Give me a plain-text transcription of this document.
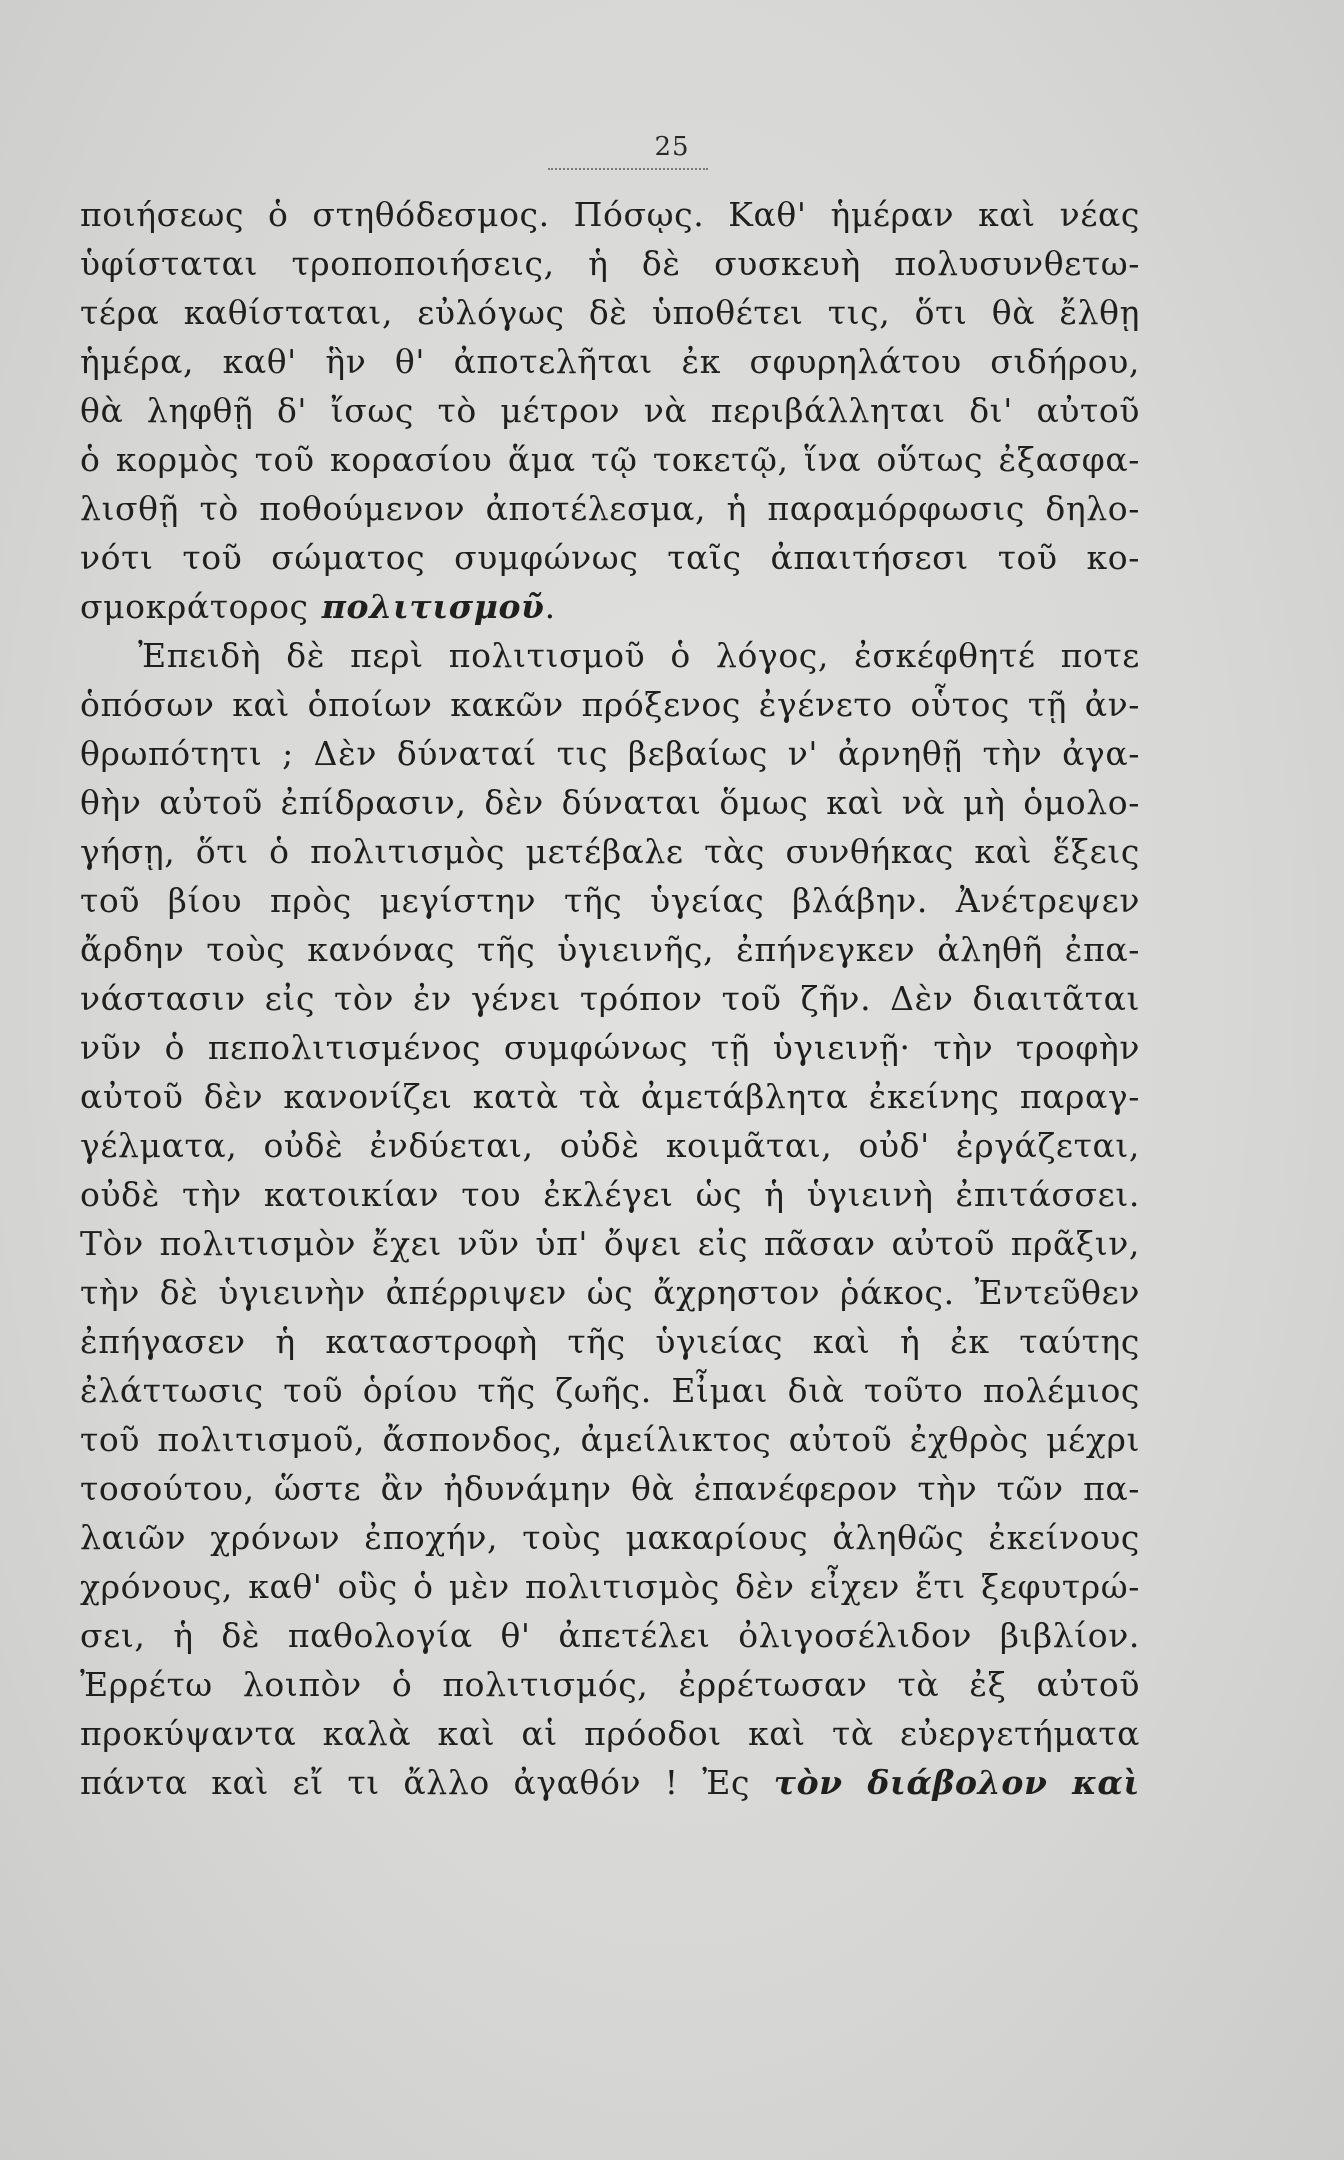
25
ποιήσεως ὁ στηθόδεσμος. Πόσῳς. Καθ' ἡμέραν καὶ νέας
ὑφίσταται τροποποιήσεις, ἡ δὲ συσκευὴ πολυσυνθετω-
τέρα καθίσταται, εὐλόγως δὲ ὑποθέτει τις, ὅτι θὰ ἔλθῃ
ἡμέρα, καθ' ἣν θ' ἀποτελῆται ἐκ σφυρηλάτου σιδήρου,
θὰ ληφθῇ δ' ἴσως τὸ μέτρον νὰ περιβάλληται δι' αὐτοῦ
ὁ κορμὸς τοῦ κορασίου ἅμα τῷ τοκετῷ, ἵνα οὕτως ἐξασφα-
λισθῇ τὸ ποθούμενον ἀποτέλεσμα, ἡ παραμόρφωσις δηλο-
νότι τοῦ σώματος συμφώνως ταῖς ἀπαιτήσεσι τοῦ κο-
σμοκράτορος πολιτισμοῦ.
Ἐπειδὴ δὲ περὶ πολιτισμοῦ ὁ λόγος, ἐσκέφθητέ ποτε
ὁπόσων καὶ ὁποίων κακῶν πρόξενος ἐγένετο οὗτος τῇ ἀν-
θρωπότητι ; Δὲν δύναταί τις βεβαίως ν' ἀρνηθῇ τὴν ἀγα-
θὴν αὐτοῦ ἐπίδρασιν, δὲν δύναται ὅμως καὶ νὰ μὴ ὁμολο-
γήσῃ, ὅτι ὁ πολιτισμὸς μετέβαλε τὰς συνθήκας καὶ ἕξεις
τοῦ βίου πρὸς μεγίστην τῆς ὑγείας βλάβην. Ἀνέτρεψεν
ἄρδην τοὺς κανόνας τῆς ὑγιεινῆς, ἐπήνεγκεν ἀληθῆ ἐπα-
νάστασιν εἰς τὸν ἐν γένει τρόπον τοῦ ζῆν. Δὲν διαιτᾶται
νῦν ὁ πεπολιτισμένος συμφώνως τῇ ὑγιεινῇ· τὴν τροφὴν
αὐτοῦ δὲν κανονίζει κατὰ τὰ ἀμετάβλητα ἐκείνης παραγ-
γέλματα, οὐδὲ ἐνδύεται, οὐδὲ κοιμᾶται, οὐδ' ἐργάζεται,
οὐδὲ τὴν κατοικίαν του ἐκλέγει ὡς ἡ ὑγιεινὴ ἐπιτάσσει.
Τὸν πολιτισμὸν ἔχει νῦν ὑπ' ὄψει εἰς πᾶσαν αὐτοῦ πρᾶξιν,
τὴν δὲ ὑγιεινὴν ἀπέρριψεν ὡς ἄχρηστον ῥάκος. Ἐντεῦθεν
ἐπήγασεν ἡ καταστροφὴ τῆς ὑγιείας καὶ ἡ ἐκ ταύτης
ἐλάττωσις τοῦ ὁρίου τῆς ζωῆς. Εἶμαι διὰ τοῦτο πολέμιος
τοῦ πολιτισμοῦ, ἄσπονδος, ἀμείλικτος αὐτοῦ ἐχθρὸς μέχρι
τοσούτου, ὥστε ἂν ἠδυνάμην θὰ ἐπανέφερον τὴν τῶν πα-
λαιῶν χρόνων ἐποχήν, τοὺς μακαρίους ἀληθῶς ἐκείνους
χρόνους, καθ' οὓς ὁ μὲν πολιτισμὸς δὲν εἶχεν ἔτι ξεφυτρώ-
σει, ἡ δὲ παθολογία θ' ἀπετέλει ὀλιγοσέλιδον βιβλίον.
Ἐρρέτω λοιπὸν ὁ πολιτισμός, ἐρρέτωσαν τὰ ἐξ αὐτοῦ
προκύψαντα καλὰ καὶ αἱ πρόοδοι καὶ τὰ εὐεργετήματα
πάντα καὶ εἴ τι ἄλλο ἀγαθόν ! Ἐς τὸν διάβολον καὶ
